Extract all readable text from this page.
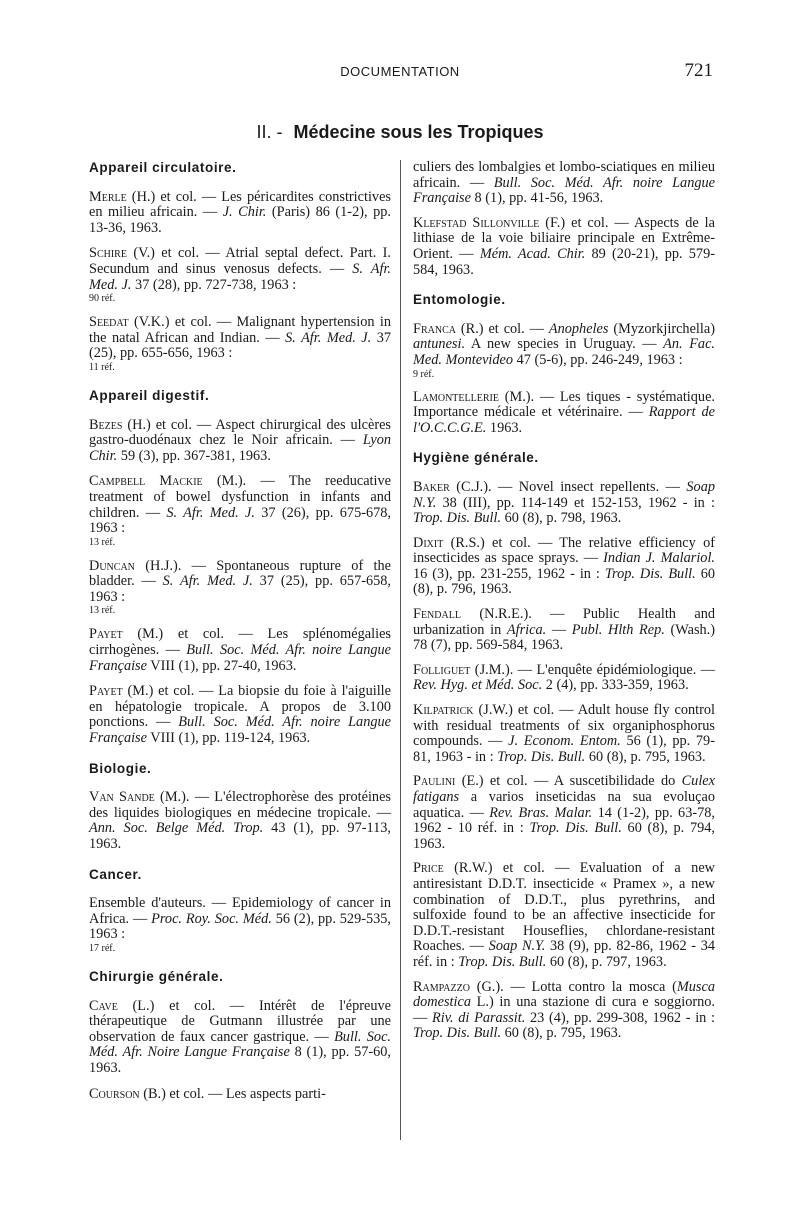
DOCUMENTATION	721
II. - Médecine sous les Tropiques
Appareil circulatoire.
Merle (H.) et col. — Les péricardites constrictives en milieu africain. — J. Chir. (Paris) 86 (1-2), pp. 13-36, 1963.
Schire (V.) et col. — Atrial septal defect. Part. I. Secundum and sinus venosus defects. — S. Afr. Med. J. 37 (28), pp. 727-738, 1963 :
90 réf.
Seedat (V.K.) et col. — Malignant hypertension in the natal African and Indian. — S. Afr. Med. J. 37 (25), pp. 655-656, 1963 :
11 réf.
Appareil digestif.
Bezes (H.) et col. — Aspect chirurgical des ulcères gastro-duodénaux chez le Noir africain. — Lyon Chir. 59 (3), pp. 367-381, 1963.
Campbell Mackie (M.). — The reeducative treatment of bowel dysfunction in infants and children. — S. Afr. Med. J. 37 (26), pp. 675-678, 1963 :
13 réf.
Duncan (H.J.). — Spontaneous rupture of the bladder. — S. Afr. Med. J. 37 (25), pp. 657-658, 1963 :
13 réf.
Payet (M.) et col. — Les splénomégalies cirrhogènes. — Bull. Soc. Méd. Afr. noire Langue Française VIII (1), pp. 27-40, 1963.
Payet (M.) et col. — La biopsie du foie à l'aiguille en hépatologie tropicale. A propos de 3.100 ponctions. — Bull. Soc. Méd. Afr. noire Langue Française VIII (1), pp. 119-124, 1963.
Biologie.
Van Sande (M.). — L'électrophorèse des protéines des liquides biologiques en médecine tropicale. — Ann. Soc. Belge Méd. Trop. 43 (1), pp. 97-113, 1963.
Cancer.
Ensemble d'auteurs. — Epidemiology of cancer in Africa. — Proc. Roy. Soc. Méd. 56 (2), pp. 529-535, 1963 :
17 réf.
Chirurgie générale.
Cave (L.) et col. — Intérêt de l'épreuve thérapeutique de Gutmann illustrée par une observation de faux cancer gastrique. — Bull. Soc. Méd. Afr. Noire Langue Française 8 (1), pp. 57-60, 1963.
Courson (B.) et col. — Les aspects parti-
culiers des lombalgies et lombo-sciatiques en milieu africain. — Bull. Soc. Méd. Afr. noire Langue Française 8 (1), pp. 41-56, 1963.
Klefstad Sillonville (F.) et col. — Aspects de la lithiase de la voie biliaire principale en Extrême-Orient. — Mém. Acad. Chir. 89 (20-21), pp. 579-584, 1963.
Entomologie.
Franca (R.) et col. — Anopheles (Myzorkjirchella) antunesi. A new species in Uruguay. — An. Fac. Med. Montevideo 47 (5-6), pp. 246-249, 1963 :
9 réf.
Lamontellerie (M.). — Les tiques - systématique. Importance médicale et vétérinaire. — Rapport de l'O.C.C.G.E. 1963.
Hygiène générale.
Baker (C.J.). — Novel insect repellents. — Soap N.Y. 38 (III), pp. 114-149 et 152-153, 1962 - in : Trop. Dis. Bull. 60 (8), p. 798, 1963.
Dixit (R.S.) et col. — The relative efficiency of insecticides as space sprays. — Indian J. Malariol. 16 (3), pp. 231-255, 1962 - in : Trop. Dis. Bull. 60 (8), p. 796, 1963.
Fendall (N.R.E.). — Public Health and urbanization in Africa. — Publ. Hlth Rep. (Wash.) 78 (7), pp. 569-584, 1963.
Folliguet (J.M.). — L'enquête épidémiologique. — Rev. Hyg. et Méd. Soc. 2 (4), pp. 333-359, 1963.
Kilpatrick (J.W.) et col. — Adult house fly control with residual treatments of six organiphosphorus compounds. — J. Econom. Entom. 56 (1), pp. 79-81, 1963 - in : Trop. Dis. Bull. 60 (8), p. 795, 1963.
Paulini (E.) et col. — A suscetibilidade do Culex fatigans a varios inseticidas na sua evoluçao aquatica. — Rev. Bras. Malar. 14 (1-2), pp. 63-78, 1962 - 10 réf. in : Trop. Dis. Bull. 60 (8), p. 794, 1963.
Price (R.W.) et col. — Evaluation of a new antiresistant D.D.T. insecticide « Pramex », a new combination of D.D.T., plus pyrethrins, and sulfoxide found to be an affective insecticide for D.D.T.-resistant Houseflies, chlordane-resistant Roaches. — Soap N.Y. 38 (9), pp. 82-86, 1962 - 34 réf. in : Trop. Dis. Bull. 60 (8), p. 797, 1963.
Rampazzo (G.). — Lotta contro la mosca (Musca domestica L.) in una stazione di cura e soggiorno. — Riv. di Parassit. 23 (4), pp. 299-308, 1962 - in : Trop. Dis. Bull. 60 (8), p. 795, 1963.
